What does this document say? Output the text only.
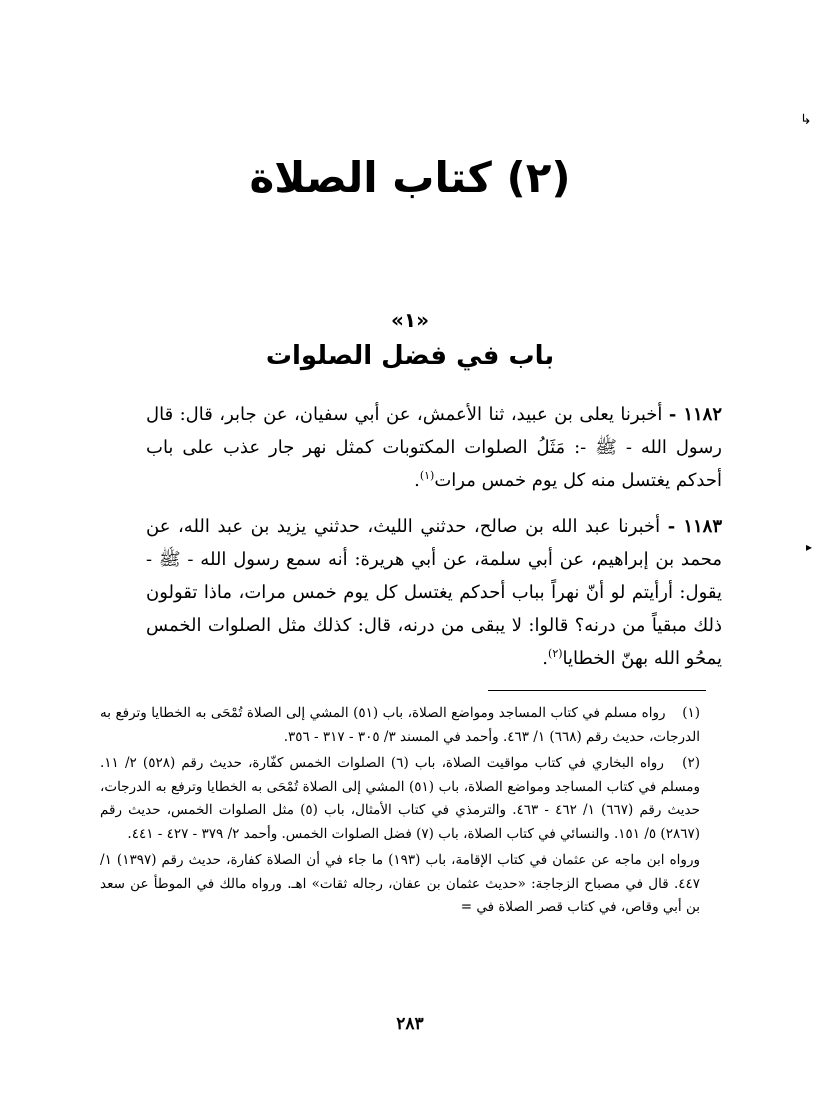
↳
▸
(٢) كتاب الصلاة
«١»
باب في فضل الصلوات

١١٨٢ - أخبرنا يعلى بن عبيد، ثنا الأعمش، عن أبي سفيان، عن جابر، قال: قال رسول الله - ﷺ -: مَثَلُ الصلوات المكتوبات كمثل نهر جار عذب على باب أحدكم يغتسل منه كل يوم خمس مرات$^{(١)}$.

١١٨٣ - أخبرنا عبد الله بن صالح، حدثني الليث، حدثني يزيد بن عبد الله، عن محمد بن إبراهيم، عن أبي سلمة، عن أبي هريرة: أنه سمع رسول الله - ﷺ - يقول: أرأيتم لو أنّ نهراً بباب أحدكم يغتسل كل يوم خمس مرات، ماذا تقولون ذلك مبقياً من درنه؟ قالوا: لا يبقى من درنه، قال: كذلك مثل الصلوات الخمس يمحُو الله بهنّ الخطايا$^{(٢)}$.

(١) رواه مسلم في كتاب المساجد ومواضع الصلاة، باب (٥١) المشي إلى الصلاة تُمْحَى به الخطايا وترفع به الدرجات، حديث رقم (٦٦٨) ١/ ٤٦٣. وأحمد في المسند ٣/ ٣٠٥ - ٣١٧ - ٣٥٦.

(٢) رواه البخاري في كتاب مواقيت الصلاة، باب (٦) الصلوات الخمس كفّارة، حديث رقم (٥٢٨) ٢/ ١١. ومسلم في كتاب المساجد ومواضع الصلاة، باب (٥١) المشي إلى الصلاة تُمْحَى به الخطايا وترفع به الدرجات، حديث رقم (٦٦٧) ١/ ٤٦٢ - ٤٦٣. والترمذي في كتاب الأمثال، باب (٥) مثل الصلوات الخمس، حديث رقم (٢٨٦٧) ٥/ ١٥١. والنسائي في كتاب الصلاة، باب (٧) فضل الصلوات الخمس. وأحمد ٢/ ٣٧٩ - ٤٢٧ - ٤٤١.

ورواه ابن ماجه عن عثمان في كتاب الإقامة، باب (١٩٣) ما جاء في أن الصلاة كفارة، حديث رقم (١٣٩٧) ١/ ٤٤٧. قال في مصباح الزجاجة: «حديث عثمان بن عفان، رجاله ثقات» اهـ. ورواه مالك في الموطأ عن سعد بن أبي وقاص، في كتاب قصر الصلاة في =

٢٨٣
